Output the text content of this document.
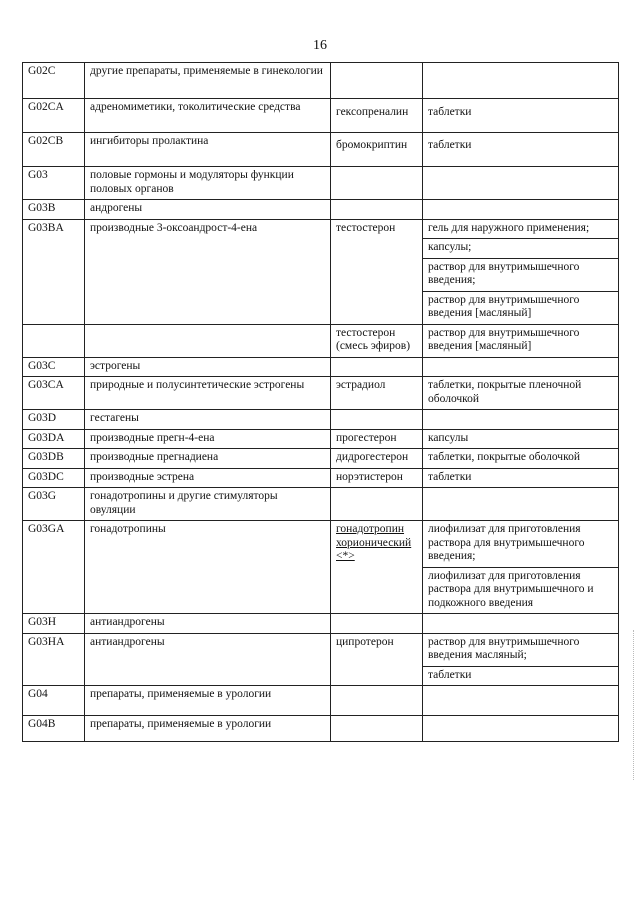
16
G02C	другие препараты, применяемые в гинекологии		
G02CA	адреномиметики, токолитические средства	гексопреналин	таблетки
G02CB	ингибиторы пролактина	бромокриптин	таблетки
G03	половые гормоны и модуляторы функции половых органов		
G03B	андрогены		
G03BA	производные 3-оксоандрост-4-ена	тестостерон	гель для наружного применения;
капсулы;
раствор для внутримышечного введения;
раствор для внутримышечного введения [масляный]

		тестостерон (смесь эфиров)	раствор для внутримышечного введения [масляный]
G03C	эстрогены		
G03CA	природные и полусинтетические эстрогены	эстрадиол	таблетки, покрытые пленочной оболочкой
G03D	гестагены		
G03DA	производные прегн-4-ена	прогестерон	капсулы
G03DB	производные прегнадиена	дидрогестерон	таблетки, покрытые оболочкой
G03DC	производные эстрена	норэтистерон	таблетки
G03G	гонадотропины и другие стимуляторы овуляции		
G03GA	гонадотропины	гонадотропин хорионический <*>	лиофилизат для приготовления раствора для внутримышечного введения;
лиофилизат для приготовления раствора для внутримышечного и подкожного введения

G03H	антиандрогены		
G03HA	антиандрогены	ципротерон	раствор для внутримышечного введения масляный;
таблетки

G04	препараты, применяемые в урологии		
G04B	препараты, применяемые в урологии		
